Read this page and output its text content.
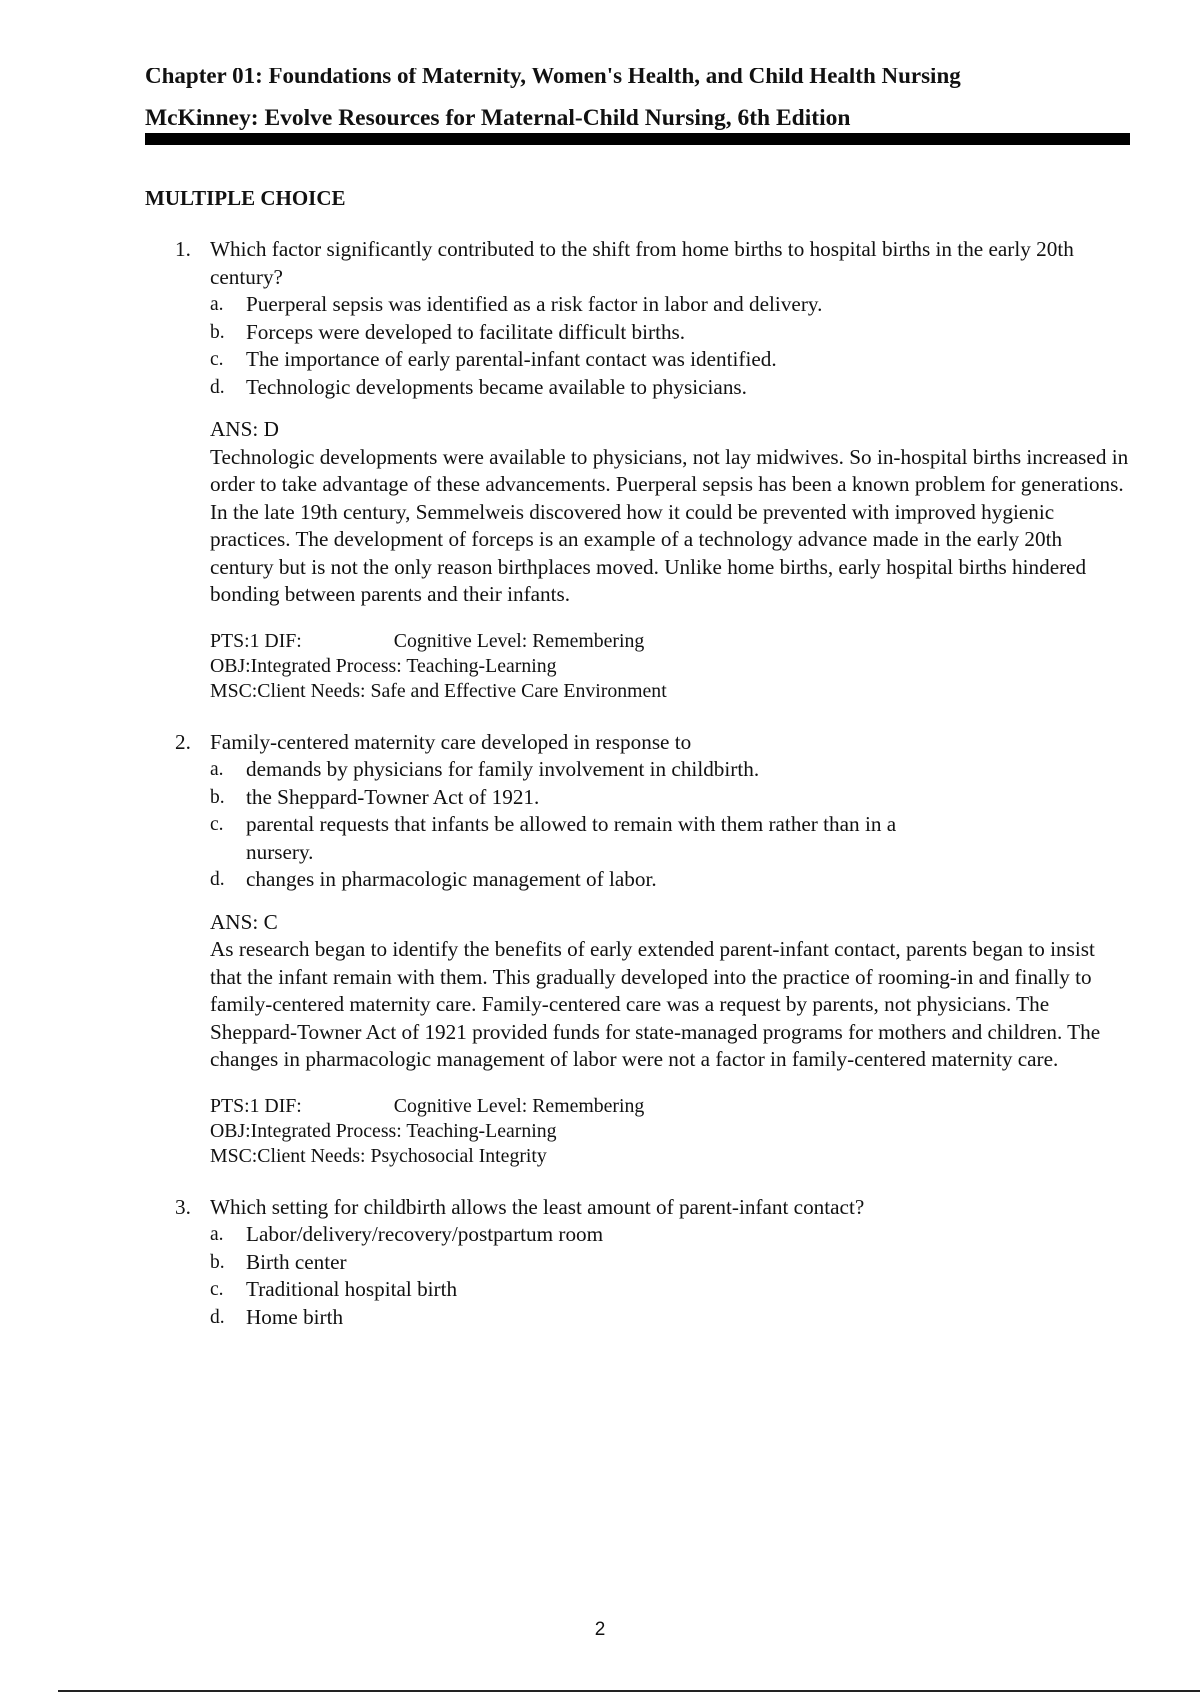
Chapter 01: Foundations of Maternity, Women's Health, and Child Health Nursing
McKinney: Evolve Resources for Maternal-Child Nursing, 6th Edition
MULTIPLE CHOICE
1. Which factor significantly contributed to the shift from home births to hospital births in the early 20th century?
a. Puerperal sepsis was identified as a risk factor in labor and delivery.
b. Forceps were developed to facilitate difficult births.
c. The importance of early parental-infant contact was identified.
d. Technologic developments became available to physicians.
ANS: D
Technologic developments were available to physicians, not lay midwives. So in-hospital births increased in order to take advantage of these advancements. Puerperal sepsis has been a known problem for generations. In the late 19th century, Semmelweis discovered how it could be prevented with improved hygienic practices. The development of forceps is an example of a technology advance made in the early 20th century but is not the only reason birthplaces moved. Unlike home births, early hospital births hindered bonding between parents and their infants.
PTS:1 DIF:	Cognitive Level: Remembering
OBJ:Integrated Process: Teaching-Learning
MSC:Client Needs: Safe and Effective Care Environment
2. Family-centered maternity care developed in response to
a. demands by physicians for family involvement in childbirth.
b. the Sheppard-Towner Act of 1921.
c. parental requests that infants be allowed to remain with them rather than in a nursery.
d. changes in pharmacologic management of labor.
ANS: C
As research began to identify the benefits of early extended parent-infant contact, parents began to insist that the infant remain with them. This gradually developed into the practice of rooming-in and finally to family-centered maternity care. Family-centered care was a request by parents, not physicians. The Sheppard-Towner Act of 1921 provided funds for state-managed programs for mothers and children. The changes in pharmacologic management of labor were not a factor in family-centered maternity care.
PTS:1 DIF:	Cognitive Level: Remembering
OBJ:Integrated Process: Teaching-Learning
MSC:Client Needs: Psychosocial Integrity
3. Which setting for childbirth allows the least amount of parent-infant contact?
a. Labor/delivery/recovery/postpartum room
b. Birth center
c. Traditional hospital birth
d. Home birth
2
